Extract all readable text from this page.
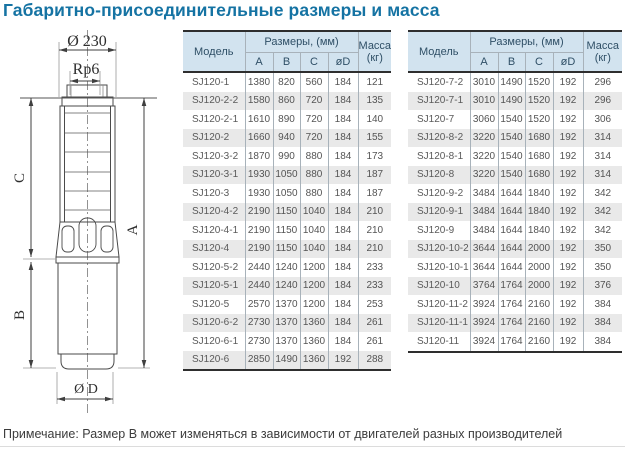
Габаритно-присоединительные размеры и масса
Ø 230
Rp6
C
B
A
Ø D
Модель	Размеры, (мм)				Масса
(кг)

	A	B	C	øD	
SJ120-1	1380	820	560	184	121
SJ120-2-2	1580	860	720	184	135
SJ120-2-1	1610	890	720	184	140
SJ120-2	1660	940	720	184	155
SJ120-3-2	1870	990	880	184	173
SJ120-3-1	1930	1050	880	184	187
SJ120-3	1930	1050	880	184	187
SJ120-4-2	2190	1150	1040	184	210
SJ120-4-1	2190	1150	1040	184	210
SJ120-4	2190	1150	1040	184	210
SJ120-5-2	2440	1240	1200	184	233
SJ120-5-1	2440	1240	1200	184	233
SJ120-5	2570	1370	1200	184	253
SJ120-6-2	2730	1370	1360	184	261
SJ120-6-1	2730	1370	1360	184	261
SJ120-6	2850	1490	1360	192	288
Модель	Размеры, (мм)				Масса
(кг)

	A	B	C	øD	
SJ120-7-2	3010	1490	1520	192	296
SJ120-7-1	3010	1490	1520	192	296
SJ120-7	3060	1540	1520	192	306
SJ120-8-2	3220	1540	1680	192	314
SJ120-8-1	3220	1540	1680	192	314
SJ120-8	3220	1540	1680	192	314
SJ120-9-2	3484	1644	1840	192	342
SJ120-9-1	3484	1644	1840	192	342
SJ120-9	3484	1644	1840	192	342
SJ120-10-2	3644	1644	2000	192	350
SJ120-10-1	3644	1644	2000	192	350
SJ120-10	3764	1764	2000	192	376
SJ120-11-2	3924	1764	2160	192	384
SJ120-11-1	3924	1764	2160	192	384
SJ120-11	3924	1764	2160	192	384
Примечание: Размер B может изменяться в зависимости от двигателей разных производителей
